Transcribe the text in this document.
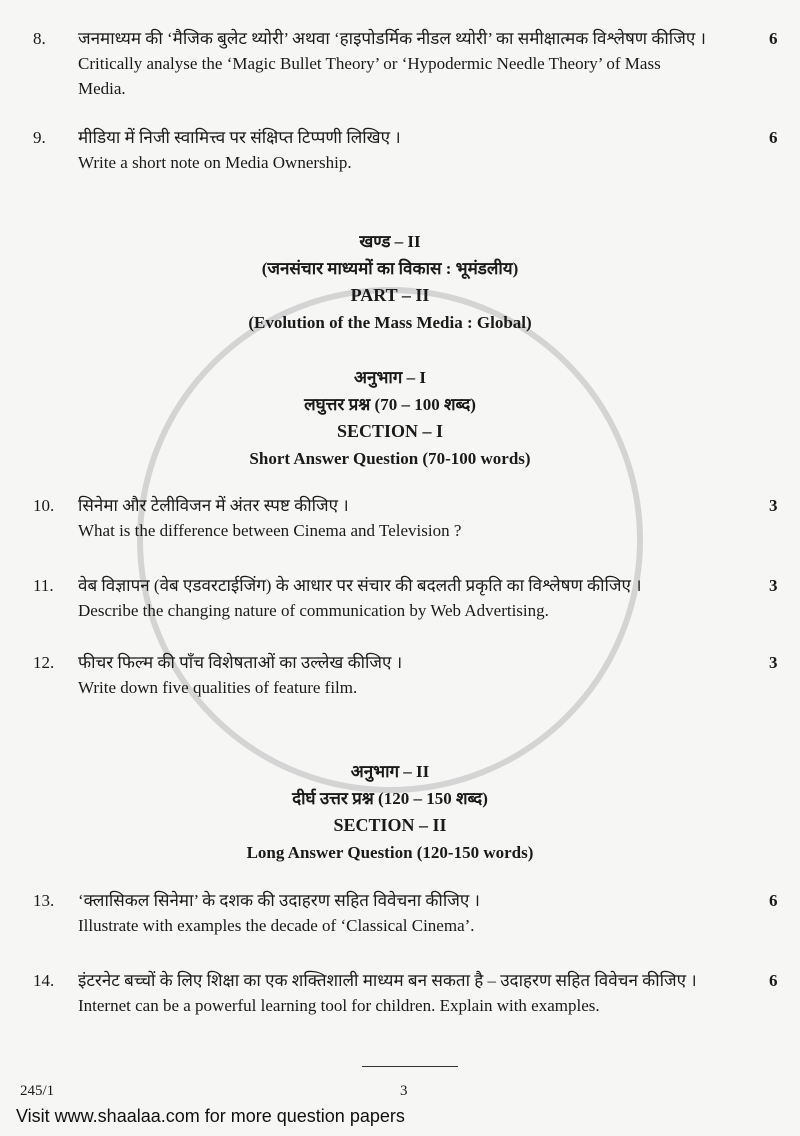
8.	जनमाध्यम की ‘मैजिक बुलेट थ्योरी’ अथवा ‘हाइपोडर्मिक नीडल थ्योरी’ का समीक्षात्मक विश्लेषण कीजिए ।	6
Critically analyse the ‘Magic Bullet Theory’ or ‘Hypodermic Needle Theory’ of Mass
Media.
9.	मीडिया में निजी स्वामित्त्व पर संक्षिप्त टिप्पणी लिखिए ।	6
Write a short note on Media Ownership.
खण्ड – II
(जनसंचार माध्यमों का विकास : भूमंडलीय)
PART – II
(Evolution of the Mass Media : Global)
अनुभाग – I
लघुत्तर प्रश्न (70 – 100 शब्द)
SECTION – I
Short Answer Question (70-100 words)
10.	सिनेमा और टेलीविजन में अंतर स्पष्ट कीजिए ।	3
What is the difference between Cinema and Television ?
11.	वेब विज्ञापन (वेब एडवरटाईजिंग) के आधार पर संचार की बदलती प्रकृति का विश्लेषण कीजिए ।	3
Describe the changing nature of communication by Web Advertising.
12.	फीचर फिल्म की पाँच विशेषताओं का उल्लेख कीजिए ।	3
Write down five qualities of feature film.
अनुभाग – II
दीर्घ उत्तर प्रश्न (120 – 150 शब्द)
SECTION – II
Long Answer Question (120-150 words)
13.	‘क्लासिकल सिनेमा’ के दशक की उदाहरण सहित विवेचना कीजिए ।	6
Illustrate with examples the decade of ‘Classical Cinema’.
14.	इंटरनेट बच्चों के लिए शिक्षा का एक शक्तिशाली माध्यम बन सकता है – उदाहरण सहित विवेचन कीजिए ।	6
Internet can be a powerful learning tool for children. Explain with examples.
245/1	3
Visit www.shaalaa.com for more question papers
